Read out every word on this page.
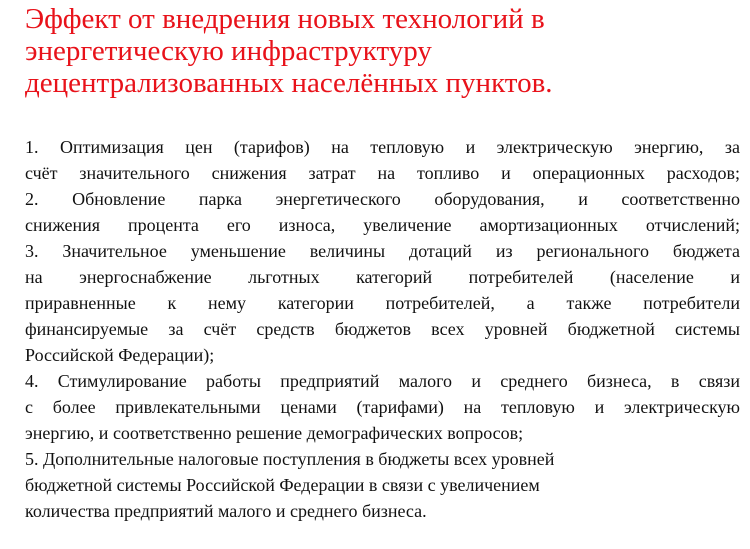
Эффект от внедрения новых технологий в
энергетическую инфраструктуру
децентрализованных населённых пунктов.
1. Оптимизация цен (тарифов) на тепловую и электрическую энергию, за
счёт значительного снижения затрат на топливо и операционных расходов;
2. Обновление парка энергетического оборудования, и соответственно
снижения процента его износа, увеличение амортизационных отчислений;
3. Значительное уменьшение величины дотаций из регионального бюджета
на энергоснабжение льготных категорий потребителей (население и
приравненные к нему категории потребителей, а также потребители
финансируемые за счёт средств бюджетов всех уровней бюджетной системы
Российской Федерации);
4. Стимулирование работы предприятий малого и среднего бизнеса, в связи
с более привлекательными ценами (тарифами) на тепловую и электрическую
энергию, и соответственно решение демографических вопросов;
5. Дополнительные налоговые поступления в бюджеты всех уровней
бюджетной системы Российской Федерации в связи с увеличением
количества предприятий малого и среднего бизнеса.
